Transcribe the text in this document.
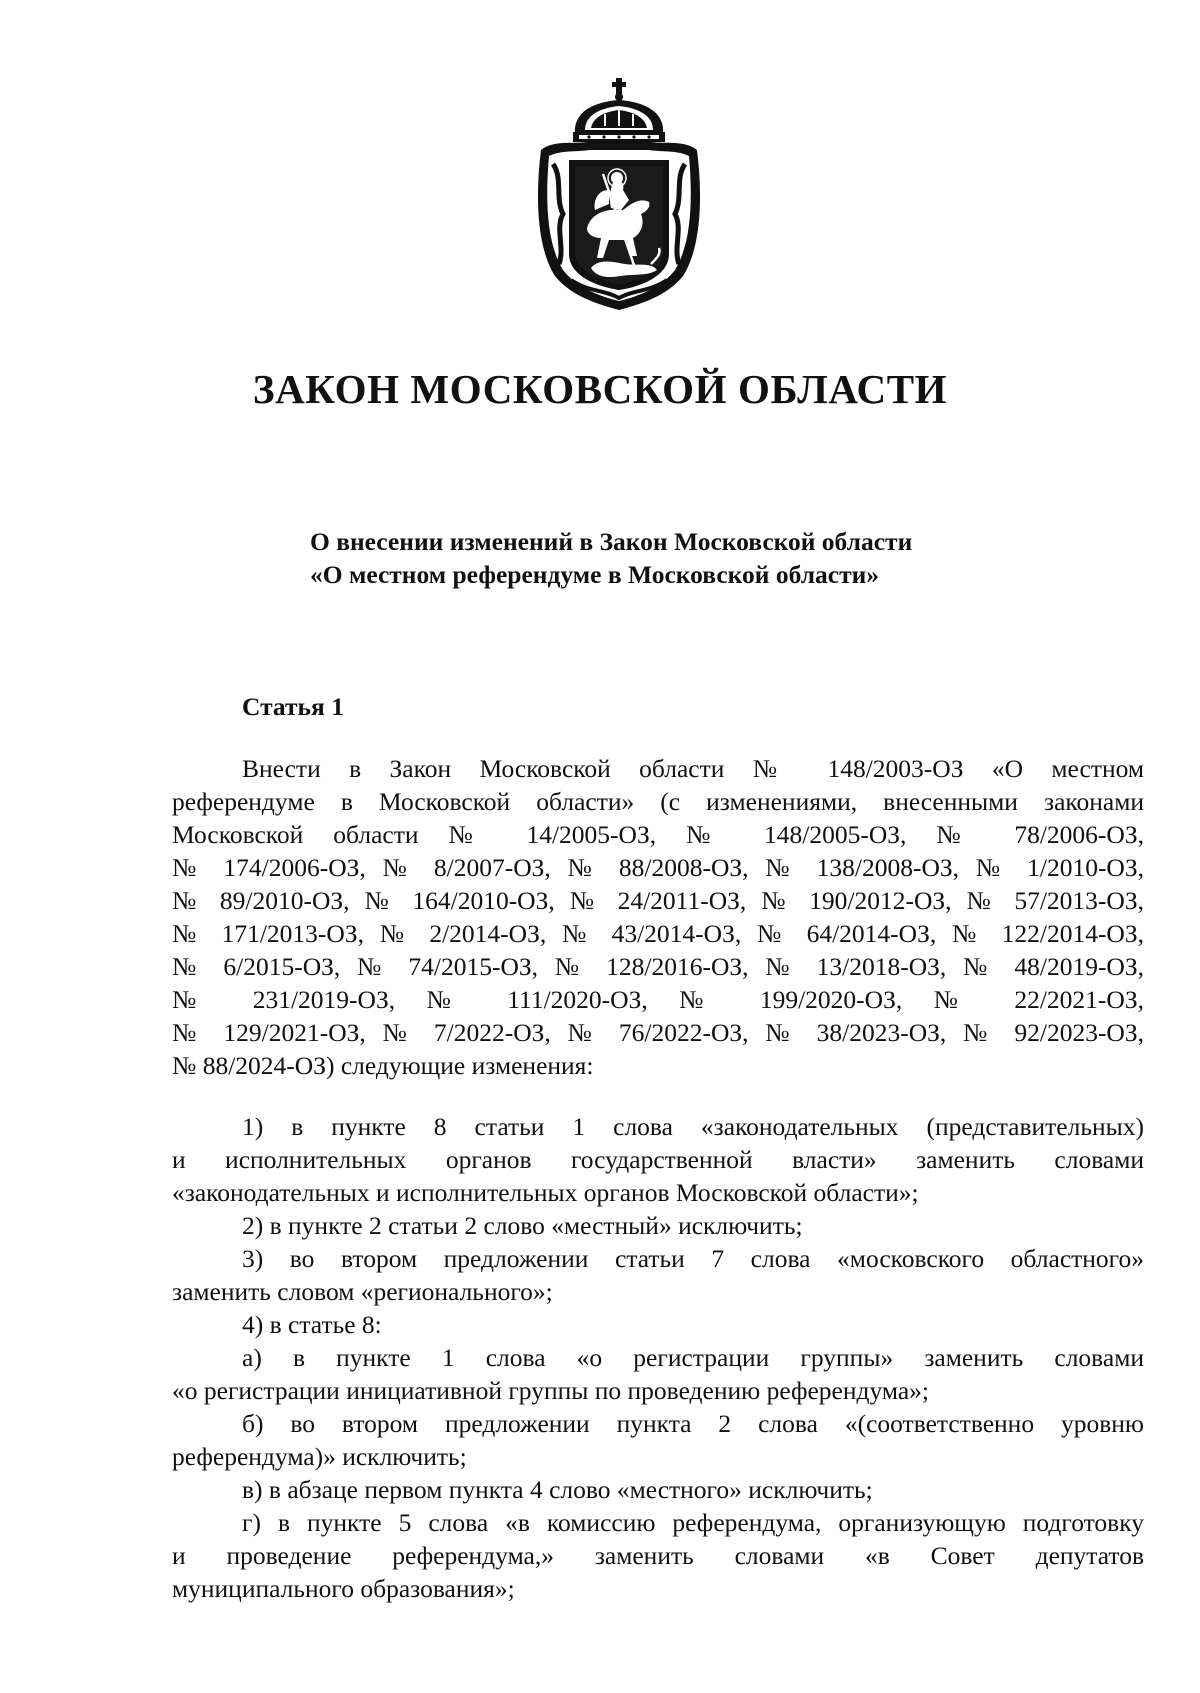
ЗАКОН МОСКОВСКОЙ ОБЛАСТИ
О внесении изменений в Закон Московской области
«О местном референдуме в Московской области»
Статья 1
Внести в Закон Московской области № 148/2003-ОЗ «О местном
референдуме в Московской области» (с изменениями, внесенными законами
Московской области № 14/2005-ОЗ, № 148/2005-ОЗ, № 78/2006-ОЗ,
№ 174/2006-ОЗ, № 8/2007-ОЗ, № 88/2008-ОЗ, № 138/2008-ОЗ, № 1/2010-ОЗ,
№ 89/2010-ОЗ, № 164/2010-ОЗ, № 24/2011-ОЗ, № 190/2012-ОЗ, № 57/2013-ОЗ,
№ 171/2013-ОЗ, № 2/2014-ОЗ, № 43/2014-ОЗ, № 64/2014-ОЗ, № 122/2014-ОЗ,
№ 6/2015-ОЗ, № 74/2015-ОЗ, № 128/2016-ОЗ, № 13/2018-ОЗ, № 48/2019-ОЗ,
№ 231/2019-ОЗ, № 111/2020-ОЗ, № 199/2020-ОЗ, № 22/2021-ОЗ,
№ 129/2021-ОЗ, № 7/2022-ОЗ, № 76/2022-ОЗ, № 38/2023-ОЗ, № 92/2023-ОЗ,
№ 88/2024-ОЗ) следующие изменения:
1) в пункте 8 статьи 1 слова «законодательных (представительных)
и исполнительных органов государственной власти» заменить словами
«законодательных и исполнительных органов Московской области»;
2) в пункте 2 статьи 2 слово «местный» исключить;
3) во втором предложении статьи 7 слова «московского областного»
заменить словом «регионального»;
4) в статье 8:
а) в пункте 1 слова «о регистрации группы» заменить словами
«о регистрации инициативной группы по проведению референдума»;
б) во втором предложении пункта 2 слова «(соответственно уровню
референдума)» исключить;
в) в абзаце первом пункта 4 слово «местного» исключить;
г) в пункте 5 слова «в комиссию референдума, организующую подготовку
и проведение референдума,» заменить словами «в Совет депутатов
муниципального образования»;
